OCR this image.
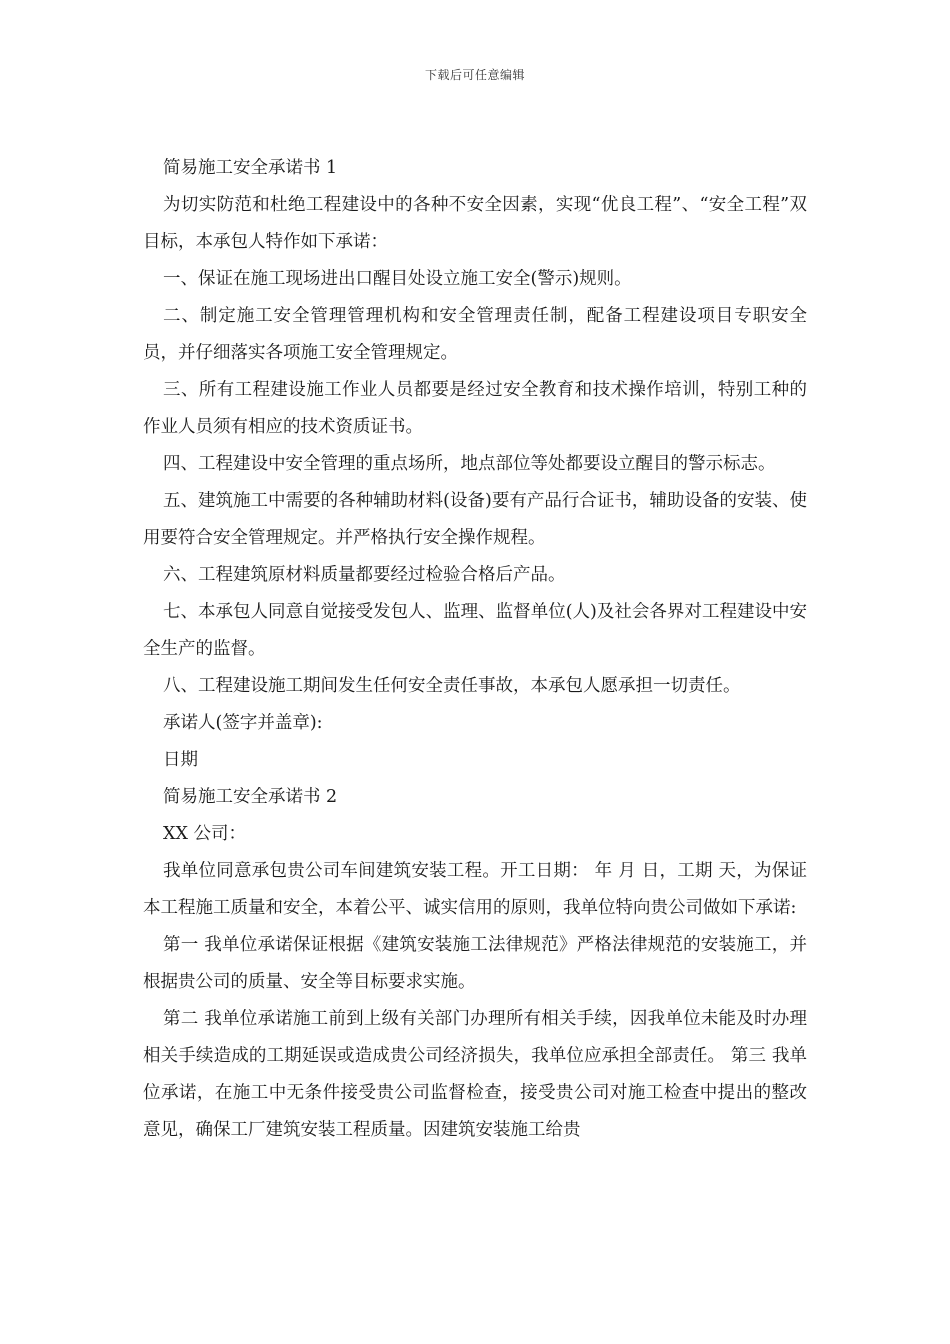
下载后可任意编辑

简易施工安全承诺书 1

为切实防范和杜绝工程建设中的各种不安全因素，实现“优良工程”、“安全工程”双目标，本承包人特作如下承诺：

一、保证在施工现场进出口醒目处设立施工安全(警示)规则。

二、制定施工安全管理管理机构和安全管理责任制，配备工程建设项目专职安全员，并仔细落实各项施工安全管理规定。

三、所有工程建设施工作业人员都要是经过安全教育和技术操作培训，特别工种的作业人员须有相应的技术资质证书。

四、工程建设中安全管理的重点场所，地点部位等处都要设立醒目的警示标志。

五、建筑施工中需要的各种辅助材料(设备)要有产品行合证书，辅助设备的安装、使用要符合安全管理规定。并严格执行安全操作规程。

六、工程建筑原材料质量都要经过检验合格后产品。

七、本承包人同意自觉接受发包人、监理、监督单位(人)及社会各界对工程建设中安全生产的监督。

八、工程建设施工期间发生任何安全责任事故，本承包人愿承担一切责任。

承诺人(签字并盖章):

日期

简易施工安全承诺书 2

XX 公司：

我单位同意承包贵公司车间建筑安装工程。开工日期： 年 月 日，工期 天，为保证本工程施工质量和安全，本着公平、诚实信用的原则，我单位特向贵公司做如下承诺:

第一 我单位承诺保证根据《建筑安装施工法律规范》严格法律规范的安装施工，并根据贵公司的质量、安全等目标要求实施。

第二 我单位承诺施工前到上级有关部门办理所有相关手续，因我单位未能及时办理相关手续造成的工期延误或造成贵公司经济损失，我单位应承担全部责任。 第三 我单位承诺，在施工中无条件接受贵公司监督检查，接受贵公司对施工检查中提出的整改意见，确保工厂建筑安装工程质量。因建筑安装施工给贵
